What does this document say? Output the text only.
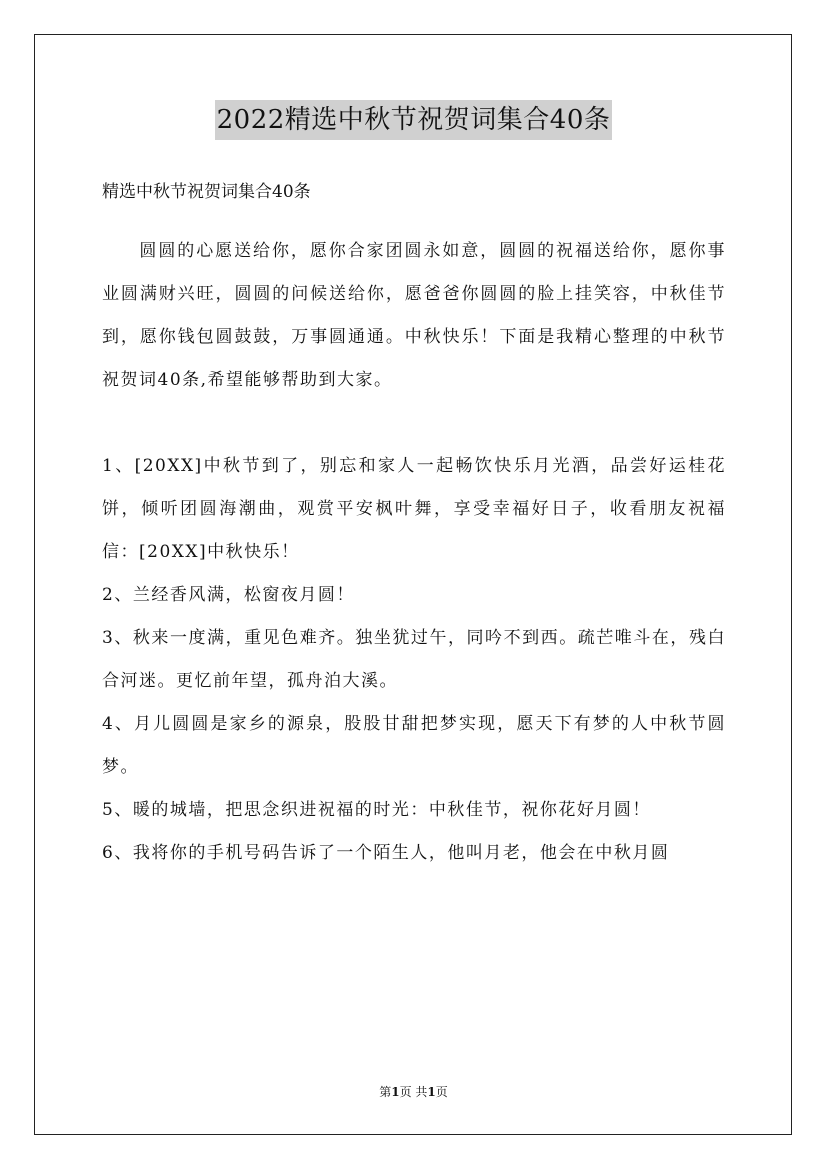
2022精选中秋节祝贺词集合40条
精选中秋节祝贺词集合40条

圆圆的心愿送给你，愿你合家团圆永如意，圆圆的祝福送给你，愿你事业圆满财兴旺，圆圆的问候送给你，愿爸爸你圆圆的脸上挂笑容，中秋佳节到，愿你钱包圆鼓鼓，万事圆通通。中秋快乐！下面是我精心整理的中秋节祝贺词40条,希望能够帮助到大家。

1、[20XX]中秋节到了，别忘和家人一起畅饮快乐月光酒，品尝好运桂花饼，倾听团圆海潮曲，观赏平安枫叶舞，享受幸福好日子，收看朋友祝福信：[20XX]中秋快乐！

2、兰经香风满，松窗夜月圆！

3、秋来一度满，重见色难齐。独坐犹过午，同吟不到西。疏芒唯斗在，残白合河迷。更忆前年望，孤舟泊大溪。

4、月儿圆圆是家乡的源泉，股股甘甜把梦实现，愿天下有梦的人中秋节圆梦。

5、暖的城墙，把思念织进祝福的时光：中秋佳节，祝你花好月圆！

6、我将你的手机号码告诉了一个陌生人，他叫月老，他会在中秋月圆

第1页 共1页
